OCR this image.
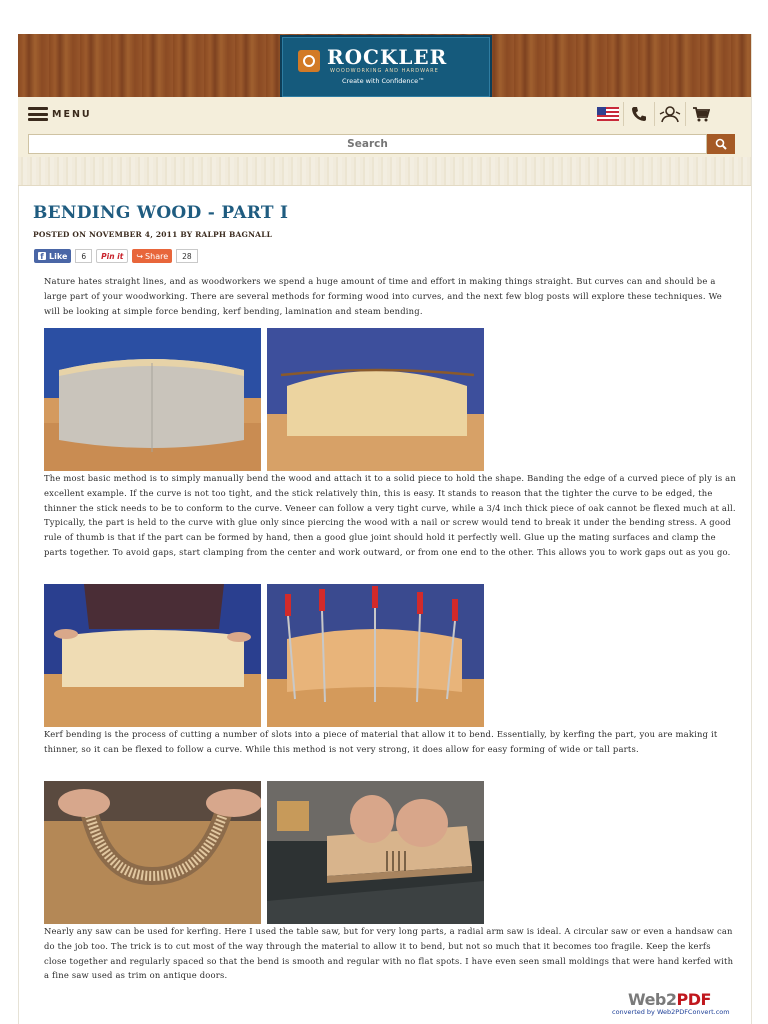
ROCKLER
WOODWORKING AND HARDWARE
Create with Confidence™
MENU
Search
BENDING WOOD - PART I
POSTED ON NOVEMBER 4, 2011 BY RALPH BAGNALL
f Like	6	Pin it	↪ Share	28

Nature hates straight lines, and as woodworkers we spend a huge amount of time and effort in making things straight. But curves can and should be a large part of your woodworking. There are several methods for forming wood into curves, and the next few blog posts will explore these techniques. We will be looking at simple force bending, kerf bending, lamination and steam bending.

The most basic method is to simply manually bend the wood and attach it to a solid piece to hold the shape. Banding the edge of a curved piece of ply is an excellent example. If the curve is not too tight, and the stick relatively thin, this is easy. It stands to reason that the tighter the curve to be edged, the thinner the stick needs to be to conform to the curve. Veneer can follow a very tight curve, while a 3/4 inch thick piece of oak cannot be flexed much at all. Typically, the part is held to the curve with glue only since piercing the wood with a nail or screw would tend to break it under the bending stress. A good rule of thumb is that if the part can be formed by hand, then a good glue joint should hold it perfectly well. Glue up the mating surfaces and clamp the parts together. To avoid gaps, start clamping from the center and work outward, or from one end to the other. This allows you to work gaps out as you go.

Kerf bending is the process of cutting a number of slots into a piece of material that allow it to bend. Essentially, by kerfing the part, you are making it thinner, so it can be flexed to follow a curve. While this method is not very strong, it does allow for easy forming of wide or tall parts.

Nearly any saw can be used for kerfing. Here I used the table saw, but for very long parts, a radial arm saw is ideal. A circular saw or even a handsaw can do the job too. The trick is to cut most of the way through the material to allow it to bend, but not so much that it becomes too fragile. Keep the kerfs close together and regularly spaced so that the bend is smooth and regular with no flat spots. I have even seen small moldings that were hand kerfed with a fine saw used as trim on antique doors.

Web2PDF
converted by Web2PDFConvert.com
